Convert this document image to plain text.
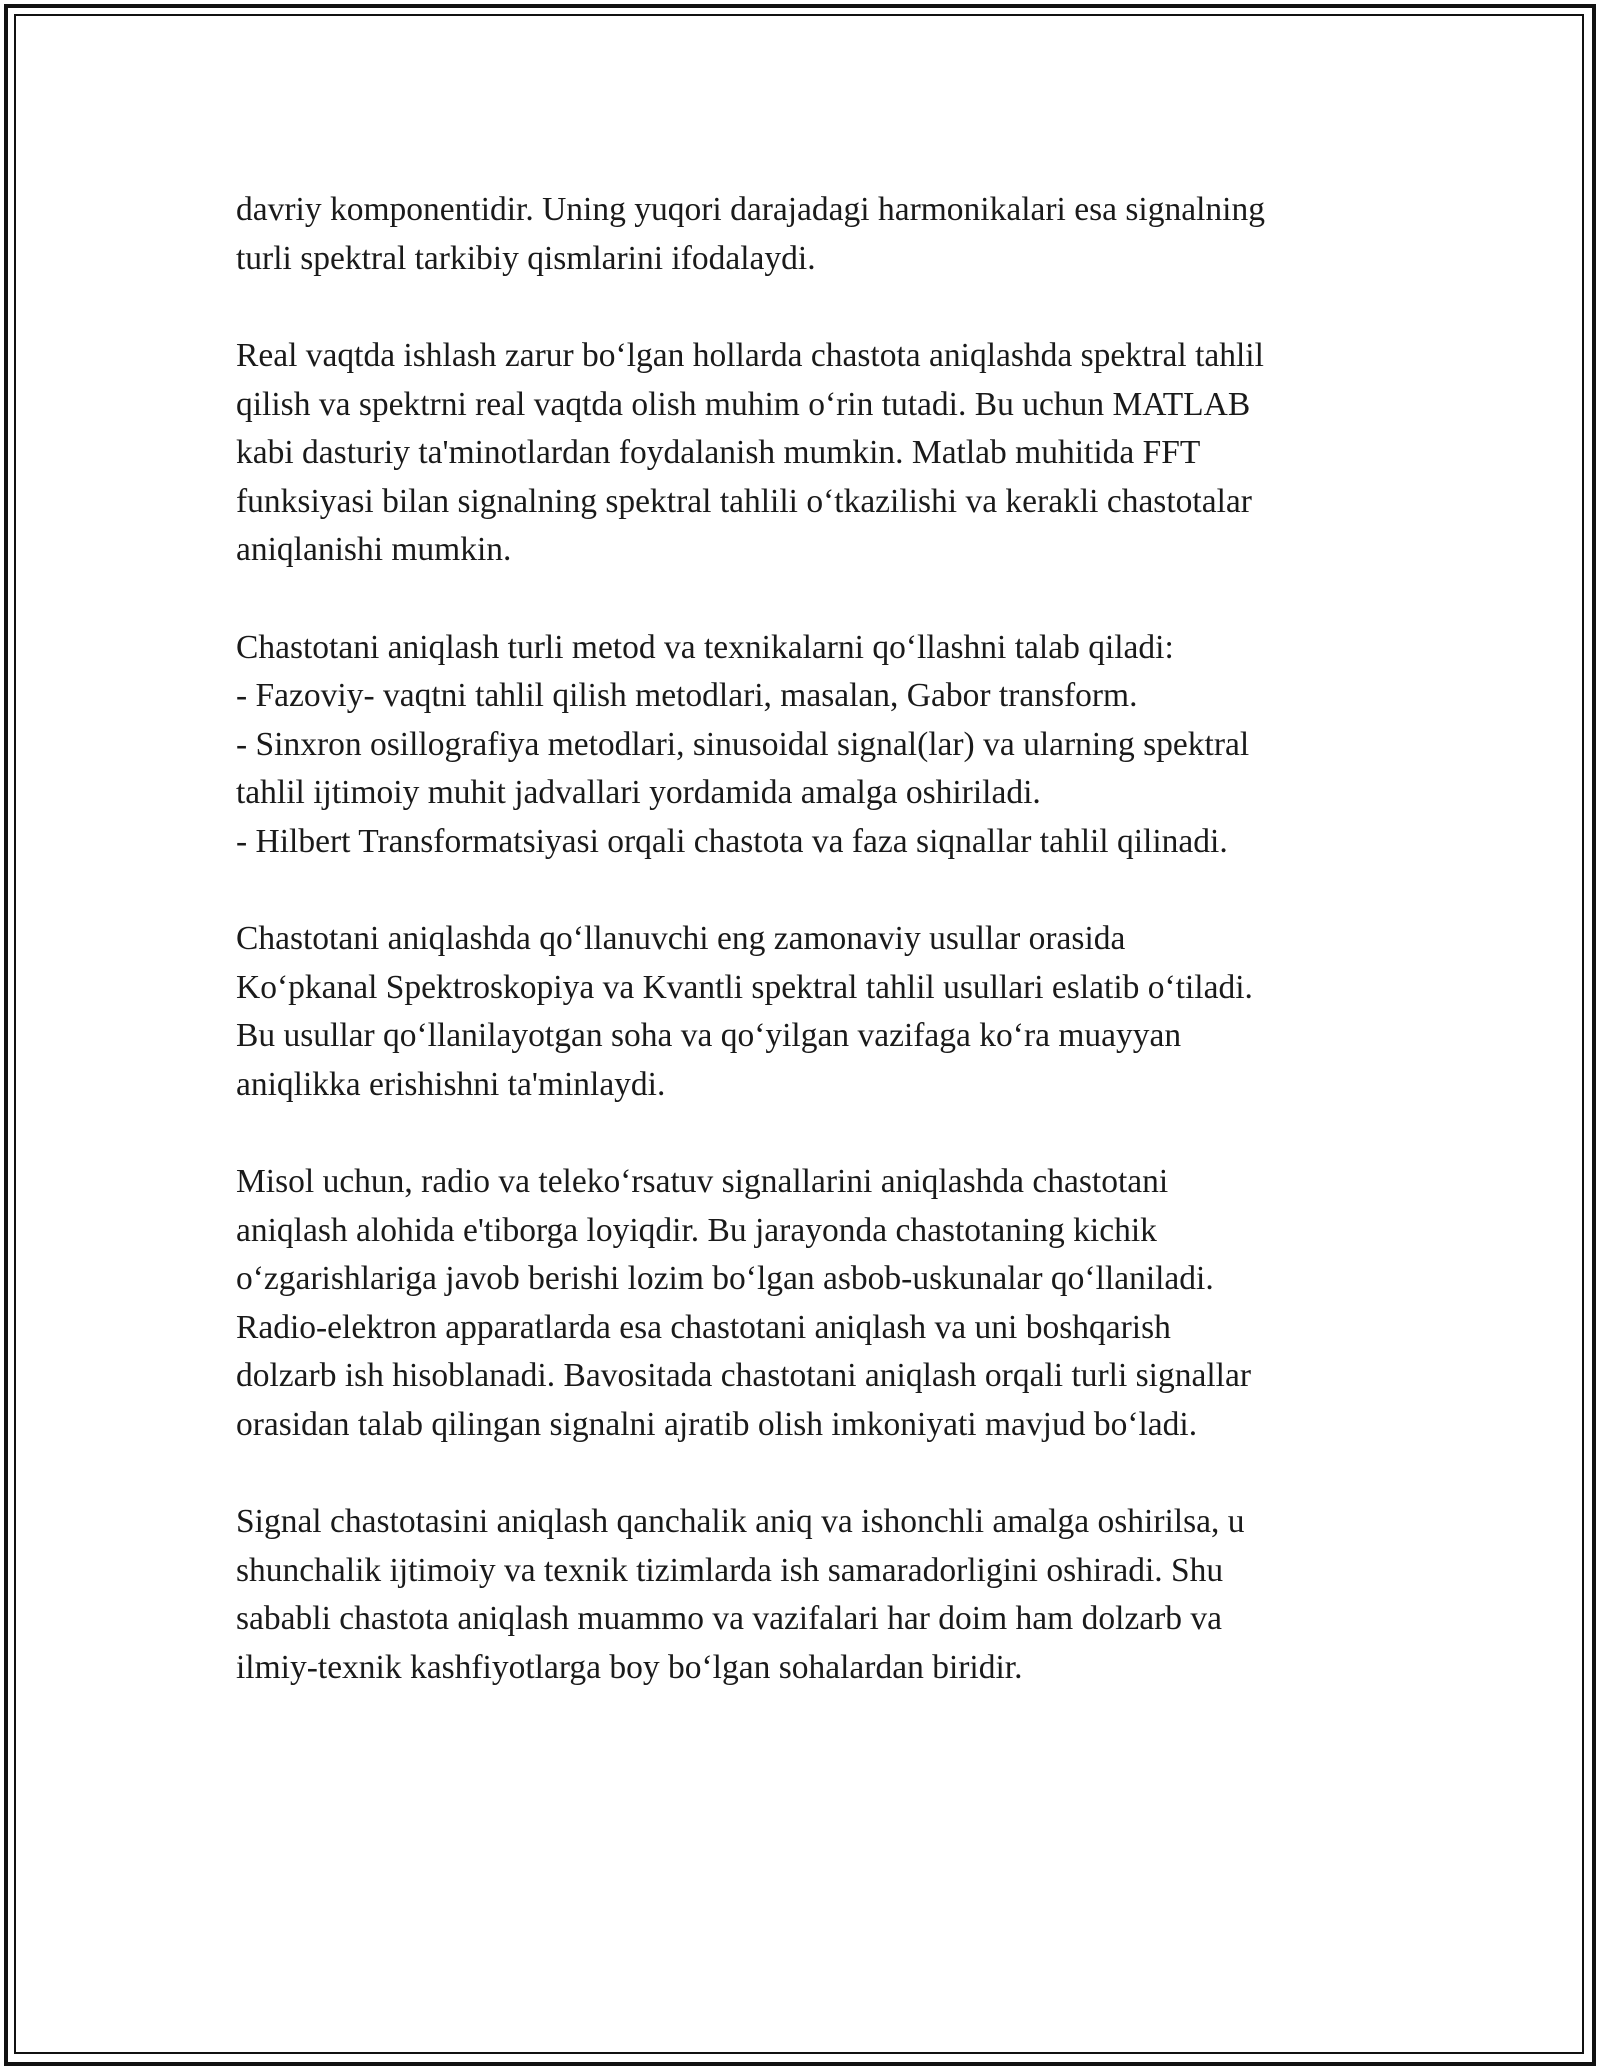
davriy komponentidir. Uning yuqori darajadagi harmonikalari esa signalning
turli spektral tarkibiy qismlarini ifodalaydi.

Real vaqtda ishlash zarur boʻlgan hollarda chastota aniqlashda spektral tahlil
qilish va spektrni real vaqtda olish muhim oʻrin tutadi. Bu uchun MATLAB
kabi dasturiy ta'minotlardan foydalanish mumkin. Matlab muhitida FFT
funksiyasi bilan signalning spektral tahlili oʻtkazilishi va kerakli chastotalar
aniqlanishi mumkin.

Chastotani aniqlash turli metod va texnikalarni qoʻllashni talab qiladi:
- Fazoviy- vaqtni tahlil qilish metodlari, masalan, Gabor transform.
- Sinxron osillografiya metodlari, sinusoidal signal(lar) va ularning spektral
tahlil ijtimoiy muhit jadvallari yordamida amalga oshiriladi.
- Hilbert Transformatsiyasi orqali chastota va faza siqnallar tahlil qilinadi.

Chastotani aniqlashda qoʻllanuvchi eng zamonaviy usullar orasida
Koʻpkanal Spektroskopiya va Kvantli spektral tahlil usullari eslatib oʻtiladi.
Bu usullar qoʻllanilayotgan soha va qoʻyilgan vazifaga koʻra muayyan
aniqlikka erishishni ta'minlaydi.

Misol uchun, radio va telekoʻrsatuv signallarini aniqlashda chastotani
aniqlash alohida e'tiborga loyiqdir. Bu jarayonda chastotaning kichik
oʻzgarishlariga javob berishi lozim boʻlgan asbob-uskunalar qoʻllaniladi.
Radio-elektron apparatlarda esa chastotani aniqlash va uni boshqarish
dolzarb ish hisoblanadi. Bavositada chastotani aniqlash orqali turli signallar
orasidan talab qilingan signalni ajratib olish imkoniyati mavjud boʻladi.

Signal chastotasini aniqlash qanchalik aniq va ishonchli amalga oshirilsa, u
shunchalik ijtimoiy va texnik tizimlarda ish samaradorligini oshiradi. Shu
sababli chastota aniqlash muammo va vazifalari har doim ham dolzarb va
ilmiy-texnik kashfiyotlarga boy boʻlgan sohalardan biridir.
